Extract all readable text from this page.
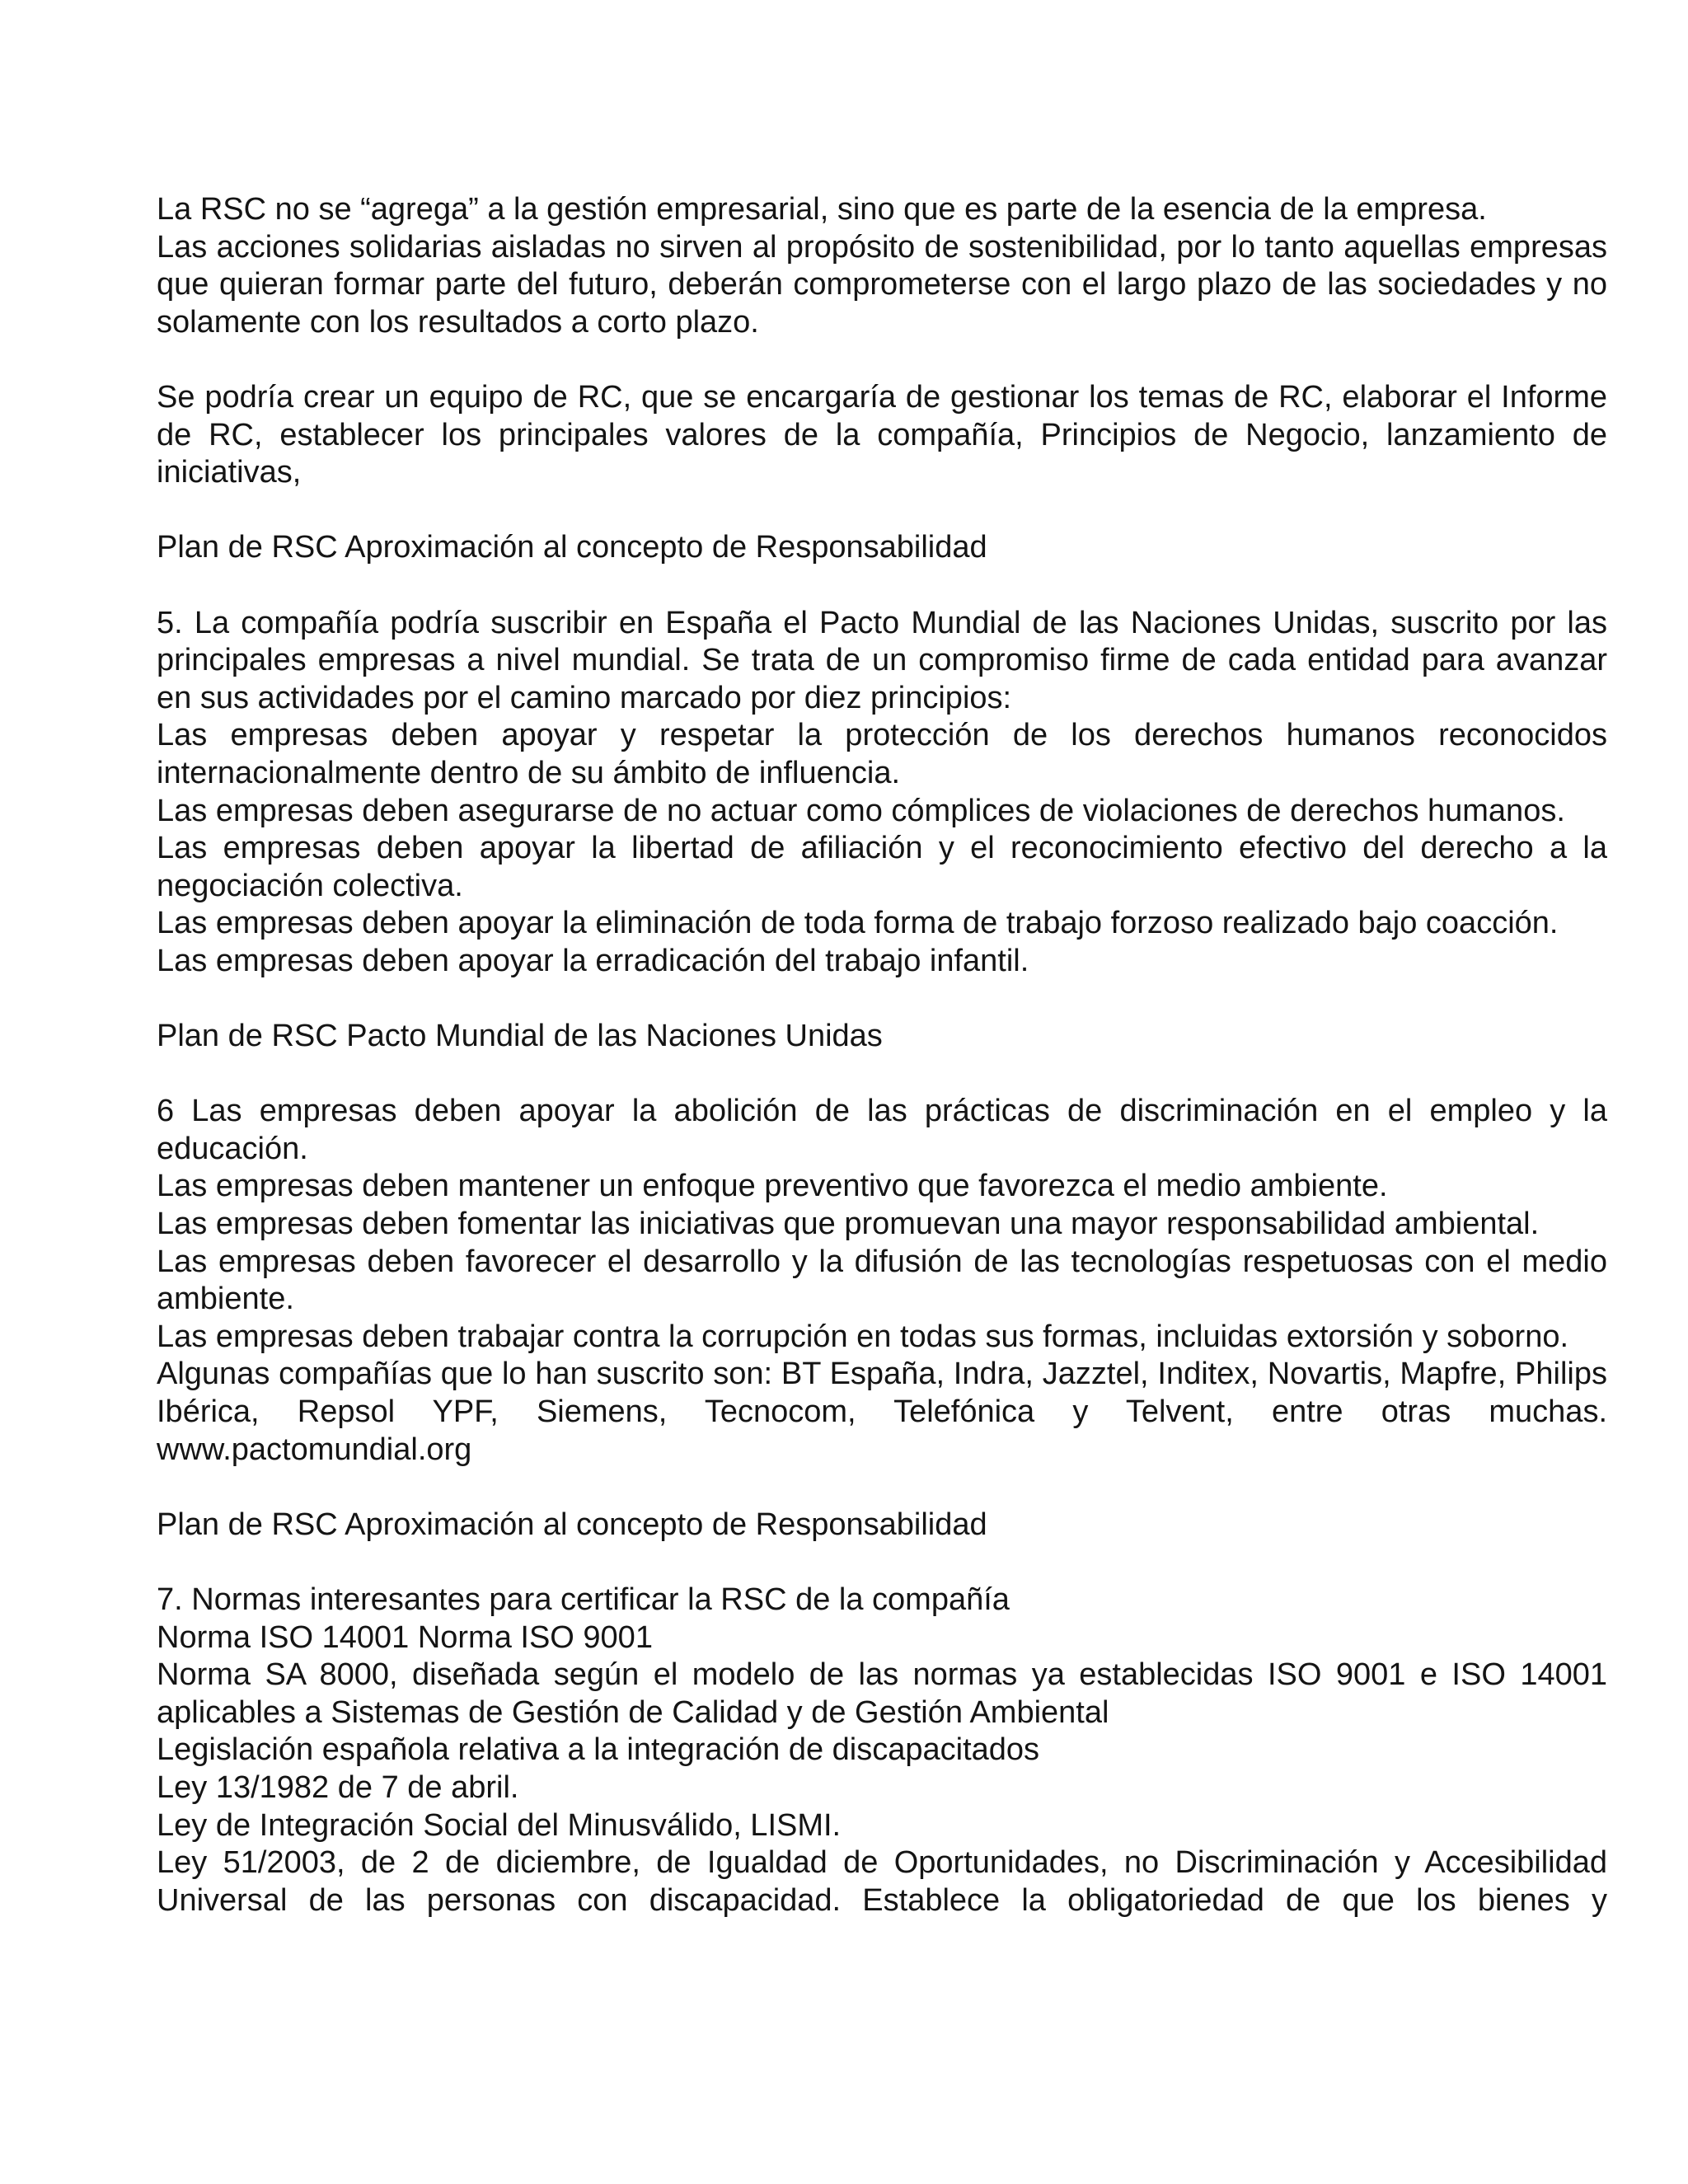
La RSC no se “agrega” a la gestión empresarial, sino que es parte de la esencia de la empresa.

Las acciones solidarias aisladas no sirven al propósito de sostenibilidad, por lo tanto aquellas empresas que quieran formar parte del futuro, deberán comprometerse con el largo plazo de las sociedades y no solamente con los resultados a corto plazo.

Se podría crear un equipo de RC, que se encargaría de gestionar los temas de RC, elaborar el Informe de RC, establecer los principales valores de la compañía, Principios de Negocio, lanzamiento de iniciativas,

Plan de RSC Aproximación al concepto de Responsabilidad

5. La compañía podría suscribir en España el Pacto Mundial de las Naciones Unidas, suscrito por las principales empresas a nivel mundial. Se trata de un compromiso firme de cada entidad para avanzar en sus actividades por el camino marcado por diez principios:

Las empresas deben apoyar y respetar la protección de los derechos humanos reconocidos internacionalmente dentro de su ámbito de influencia.

Las empresas deben asegurarse de no actuar como cómplices de violaciones de derechos humanos.

Las empresas deben apoyar la libertad de afiliación y el reconocimiento efectivo del derecho a la negociación colectiva.

Las empresas deben apoyar la eliminación de toda forma de trabajo forzoso realizado bajo coacción.

Las empresas deben apoyar la erradicación del trabajo infantil.

Plan de RSC Pacto Mundial de las Naciones Unidas

6 Las empresas deben apoyar la abolición de las prácticas de discriminación en el empleo y la educación.

Las empresas deben mantener un enfoque preventivo que favorezca el medio ambiente.

Las empresas deben fomentar las iniciativas que promuevan una mayor responsabilidad ambiental.

Las empresas deben favorecer el desarrollo y la difusión de las tecnologías respetuosas con el medio ambiente.

Las empresas deben trabajar contra la corrupción en todas sus formas, incluidas extorsión y soborno.

Algunas compañías que lo han suscrito son: BT España, Indra, Jazztel, Inditex, Novartis, Mapfre, Philips Ibérica, Repsol YPF, Siemens, Tecnocom, Telefónica y Telvent, entre otras muchas. www.pactomundial.org

Plan de RSC Aproximación al concepto de Responsabilidad

7. Normas interesantes para certificar la RSC de la compañía

Norma ISO 14001 Norma ISO 9001

Norma SA 8000, diseñada según el modelo de las normas ya establecidas ISO 9001 e ISO 14001 aplicables a Sistemas de Gestión de Calidad y de Gestión Ambiental

Legislación española relativa a la integración de discapacitados

Ley 13/1982 de 7 de abril.

Ley de Integración Social del Minusválido, LISMI.

Ley 51/2003, de 2 de diciembre, de Igualdad de Oportunidades, no Discriminación y Accesibilidad Universal de las personas con discapacidad. Establece la obligatoriedad de que los bienes y
